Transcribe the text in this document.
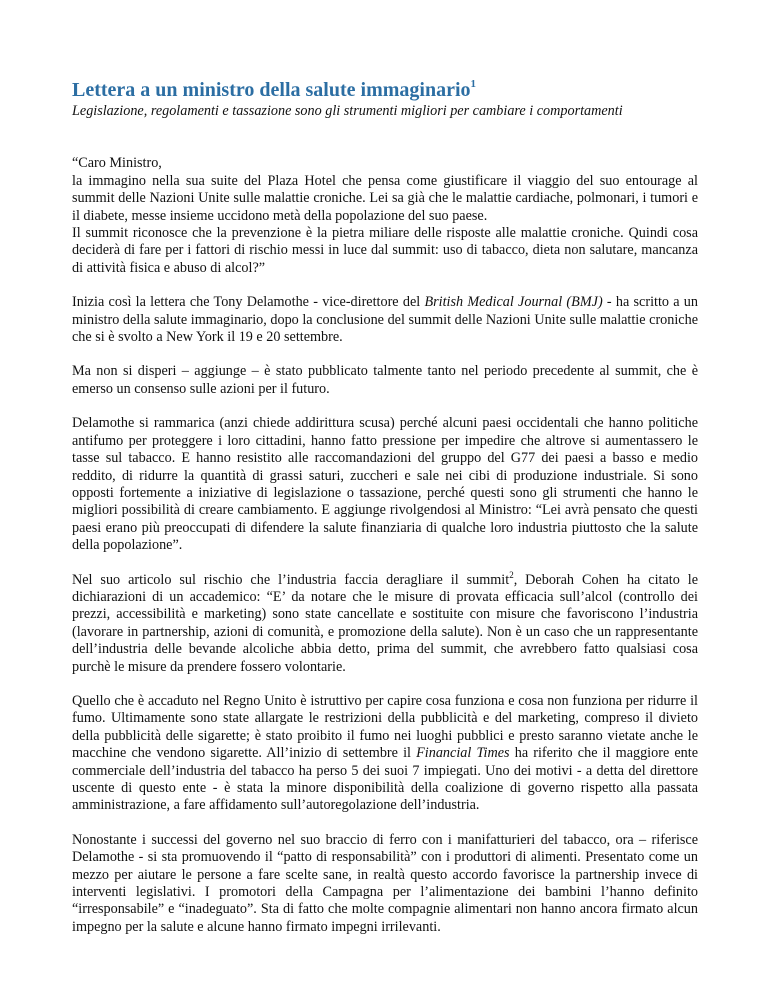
Lettera a un ministro della salute immaginario$^1$
Legislazione, regolamenti e tassazione sono gli strumenti migliori per cambiare i comportamenti

“Caro Ministro,
la immagino nella sua suite del Plaza Hotel che pensa come giustificare il viaggio del suo entourage al summit delle Nazioni Unite sulle malattie croniche. Lei sa già che le malattie cardiache, polmonari, i tumori e il diabete, messe insieme uccidono metà della popolazione del suo paese.
Il summit riconosce che la prevenzione è la pietra miliare delle risposte alle malattie croniche. Quindi cosa deciderà di fare per i fattori di rischio messi in luce dal summit: uso di tabacco, dieta non salutare, mancanza di attività fisica e abuso di alcol?”

Inizia così la lettera che Tony Delamothe - vice-direttore del British Medical Journal (BMJ) - ha scritto a un ministro della salute immaginario, dopo la conclusione del summit delle Nazioni Unite sulle malattie croniche che si è svolto a New York il 19 e 20 settembre.

Ma non si disperi – aggiunge – è stato pubblicato talmente tanto nel periodo precedente al summit, che è emerso un consenso sulle azioni per il futuro.

Delamothe si rammarica (anzi chiede addirittura scusa) perché alcuni paesi occidentali che hanno politiche antifumo per proteggere i loro cittadini, hanno fatto pressione per impedire che altrove si aumentassero le tasse sul tabacco. E hanno resistito alle raccomandazioni del gruppo del G77 dei paesi a basso e medio reddito, di ridurre la quantità di grassi saturi, zuccheri e sale nei cibi di produzione industriale. Si sono opposti fortemente a iniziative di legislazione o tassazione, perché questi sono gli strumenti che hanno le migliori possibilità di creare cambiamento. E aggiunge rivolgendosi al Ministro: “Lei avrà pensato che questi paesi erano più preoccupati di difendere la salute finanziaria di qualche loro industria piuttosto che la salute della popolazione”.

Nel suo articolo sul rischio che l’industria faccia deragliare il summit$^2$, Deborah Cohen ha citato le dichiarazioni di un accademico: “E’ da notare che le misure di provata efficacia sull’alcol (controllo dei prezzi, accessibilità e marketing) sono state cancellate e sostituite con misure che favoriscono l’industria (lavorare in partnership, azioni di comunità, e promozione della salute). Non è un caso che un rappresentante dell’industria delle bevande alcoliche abbia detto, prima del summit, che avrebbero fatto qualsiasi cosa purchè le misure da prendere fossero volontarie.

Quello che è accaduto nel Regno Unito è istruttivo per capire cosa funziona e cosa non funziona per ridurre il fumo. Ultimamente sono state allargate le restrizioni della pubblicità e del marketing, compreso il divieto della pubblicità delle sigarette; è stato proibito il fumo nei luoghi pubblici e presto saranno vietate anche le macchine che vendono sigarette. All’inizio di settembre il Financial Times ha riferito che il maggiore ente commerciale dell’industria del tabacco ha perso 5 dei suoi 7 impiegati. Uno dei motivi - a detta del direttore uscente di questo ente - è stata la minore disponibilità della coalizione di governo rispetto alla passata amministrazione, a fare affidamento sull’autoregolazione dell’industria.

Nonostante i successi del governo nel suo braccio di ferro con i manifatturieri del tabacco, ora – riferisce Delamothe - si sta promuovendo il “patto di responsabilità” con i produttori di alimenti. Presentato come un mezzo per aiutare le persone a fare scelte sane, in realtà questo accordo favorisce la partnership invece di interventi legislativi. I promotori della Campagna per l’alimentazione dei bambini l’hanno definito “irresponsabile” e “inadeguato”. Sta di fatto che molte compagnie alimentari non hanno ancora firmato alcun impegno per la salute e alcune hanno firmato impegni irrilevanti.
